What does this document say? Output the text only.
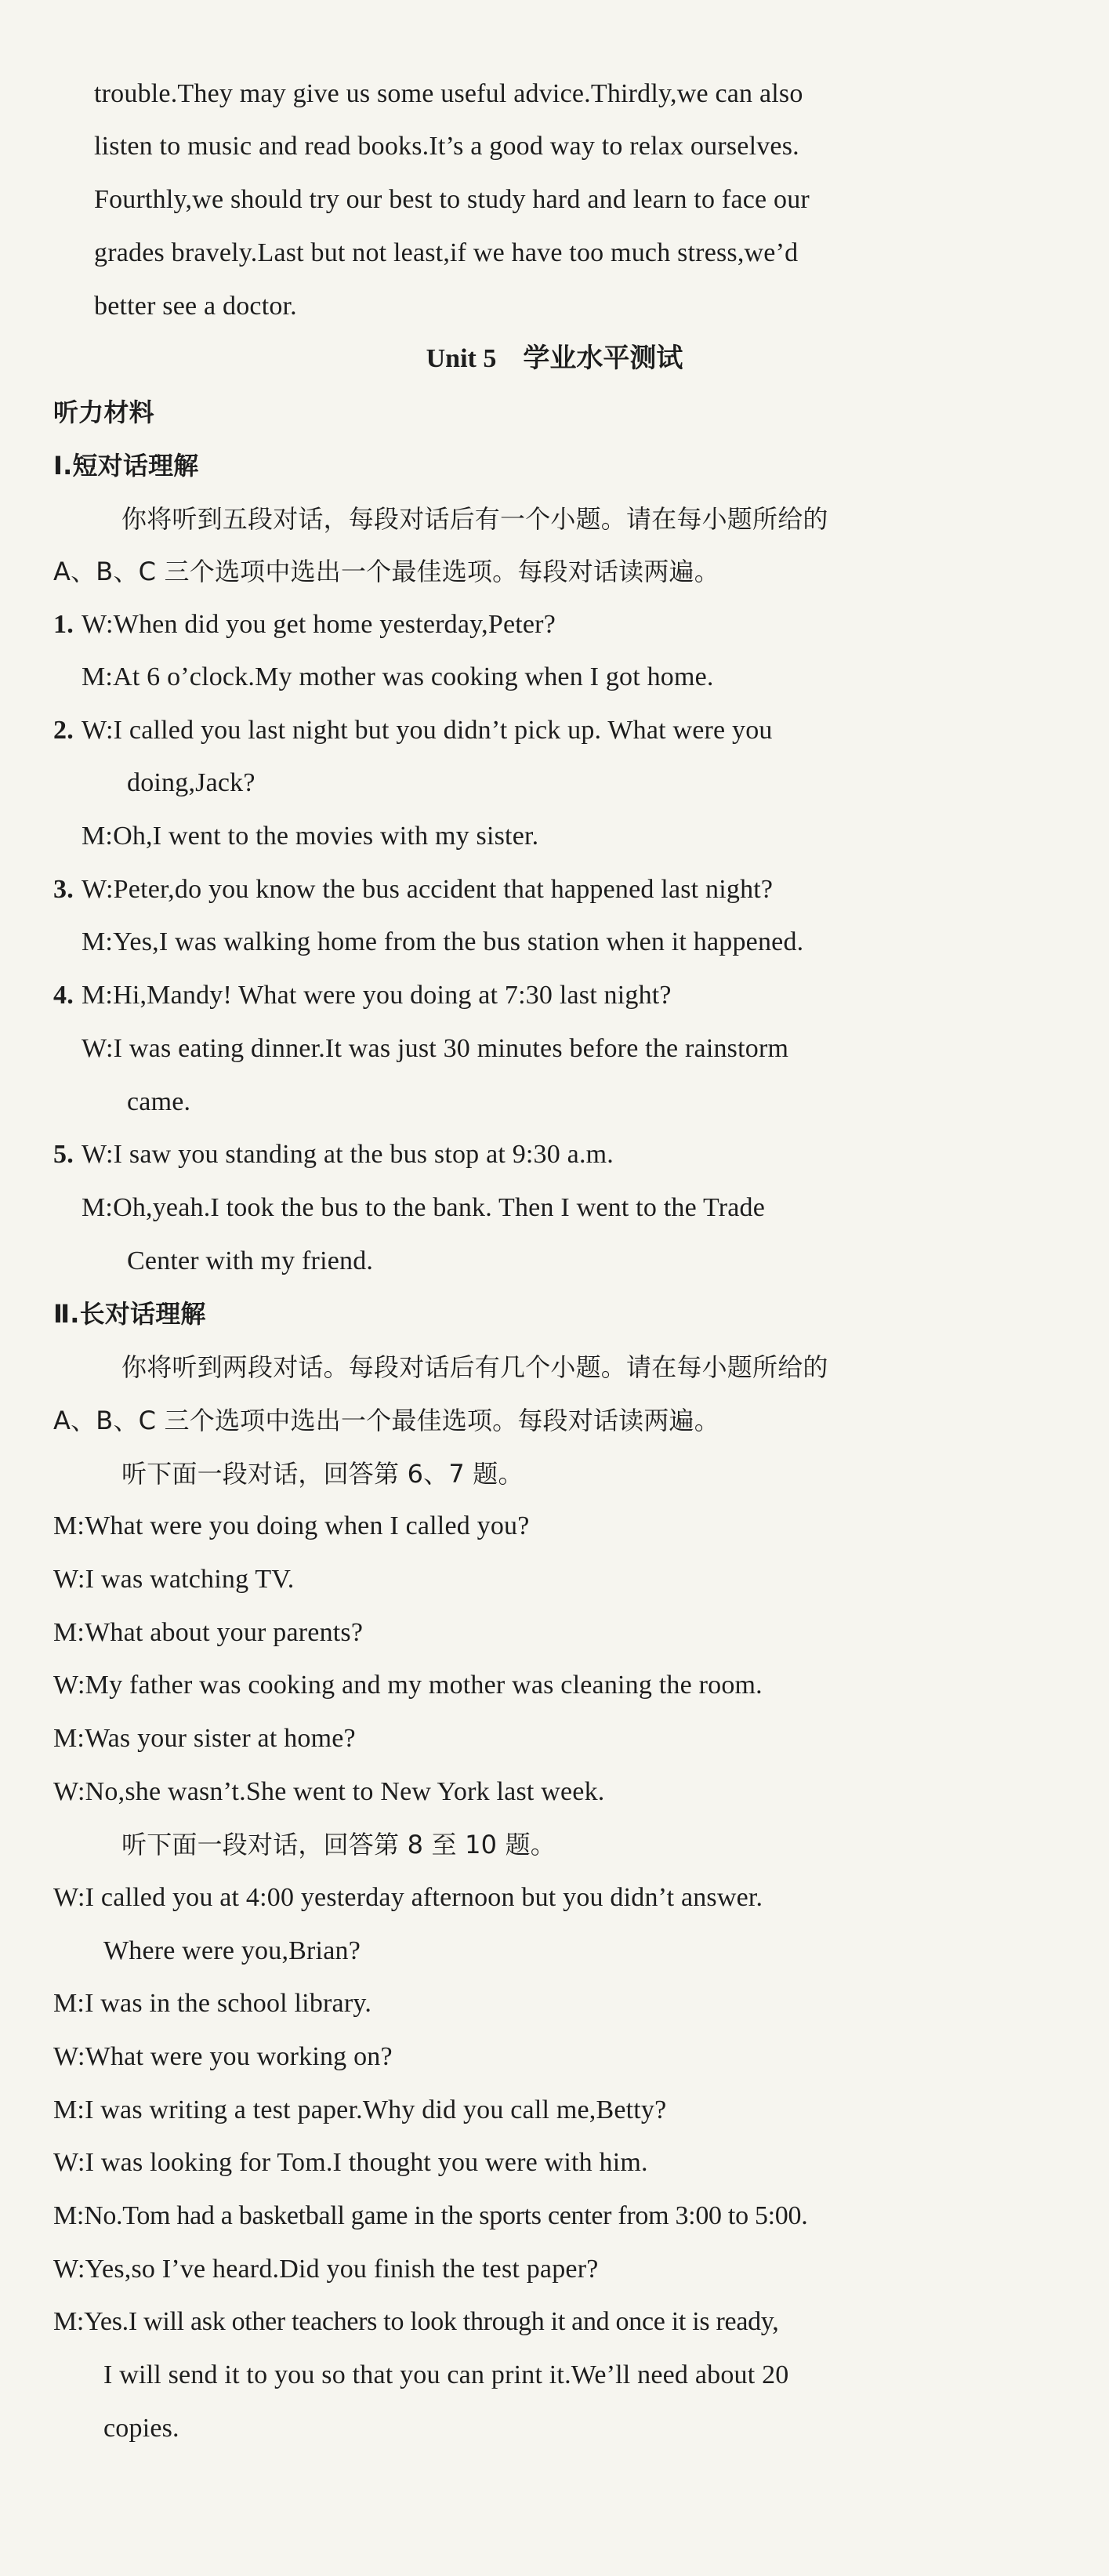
trouble.They may give us some useful advice.Thirdly,we can also
listen to music and read books.It’s a good way to relax ourselves.
Fourthly,we should try our best to study hard and learn to face our
grades bravely.Last but not least,if we have too much stress,we’d
better see a doctor.
Unit 5　学业水平测试
听力材料
Ⅰ.短对话理解
你将听到五段对话，每段对话后有一个小题。请在每小题所给的
A、B、C 三个选项中选出一个最佳选项。每段对话读两遍。
1. W:When did you get home yesterday,Peter?
M:At 6 o’clock.My mother was cooking when I got home.
2. W:I called you last night but you didn’t pick up. What were you
doing,Jack?
M:Oh,I went to the movies with my sister.
3. W:Peter,do you know the bus accident that happened last night?
M:Yes,I was walking home from the bus station when it happened.
4. M:Hi,Mandy! What were you doing at 7:30 last night?
W:I was eating dinner.It was just 30 minutes before the rainstorm
came.
5. W:I saw you standing at the bus stop at 9:30 a.m.
M:Oh,yeah.I took the bus to the bank. Then I went to the Trade
Center with my friend.
Ⅱ.长对话理解
你将听到两段对话。每段对话后有几个小题。请在每小题所给的
A、B、C 三个选项中选出一个最佳选项。每段对话读两遍。
听下面一段对话，回答第 6、7 题。
M:What were you doing when I called you?
W:I was watching TV.
M:What about your parents?
W:My father was cooking and my mother was cleaning the room.
M:Was your sister at home?
W:No,she wasn’t.She went to New York last week.
听下面一段对话，回答第 8 至 10 题。
W:I called you at 4:00 yesterday afternoon but you didn’t answer.
Where were you,Brian?
M:I was in the school library.
W:What were you working on?
M:I was writing a test paper.Why did you call me,Betty?
W:I was looking for Tom.I thought you were with him.
M:No.Tom had a basketball game in the sports center from 3:00 to 5:00.
W:Yes,so I’ve heard.Did you finish the test paper?
M:Yes.I will ask other teachers to look through it and once it is ready,
I will send it to you so that you can print it.We’ll need about 20
copies.
